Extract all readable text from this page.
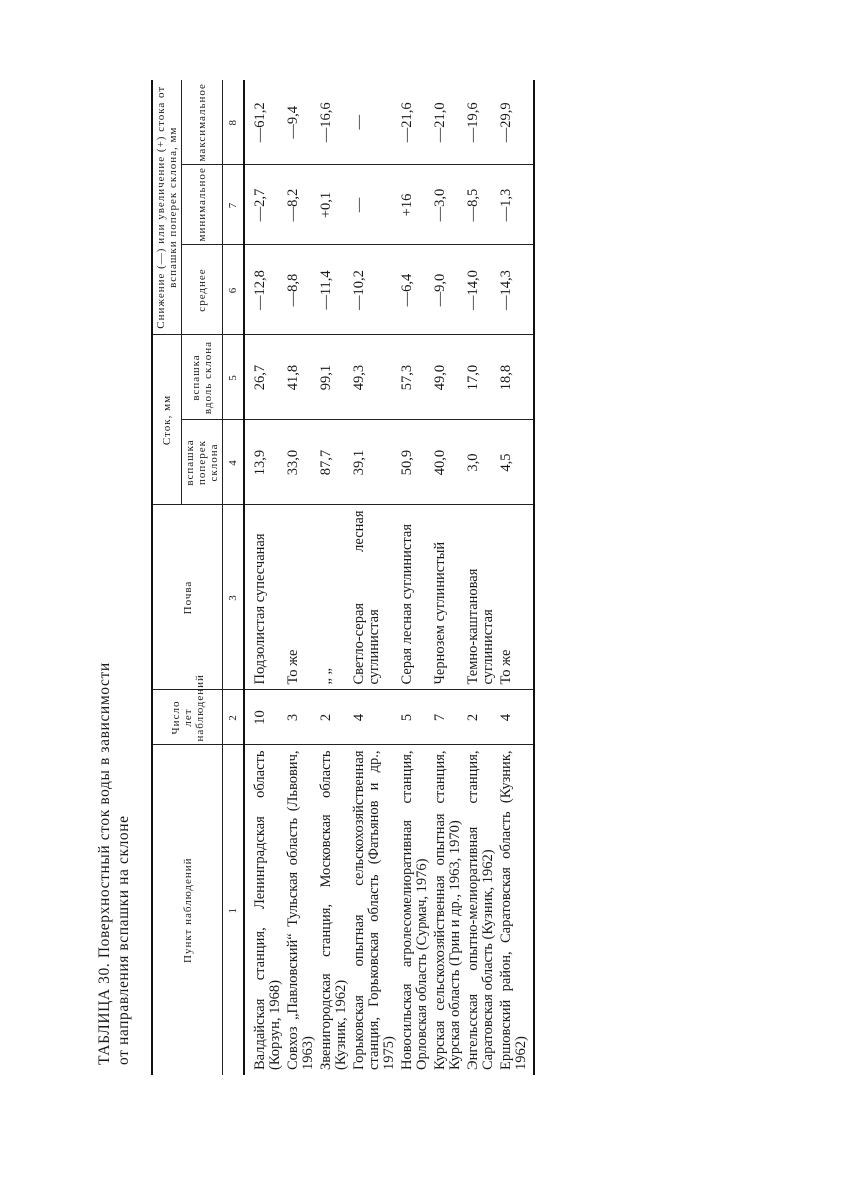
ТАБЛИЦА 30. Поверхностный сток воды в зависимости от направления вспашки на склоне	Пункт наблюдений	Число лет наблюдений	Почва	Сток, мм		Снижение (—) или увеличение (+) стока от вспашки поперек склона, мм		
			вспашка поперек склона	вспашка вдоль склона	среднее	минимальное	максимальное
1	2	3	4	5	6	7	8
Валдайская станция, Ленинградская область (Корзун, 1968)	10	Подзолистая супесчаная	13,9	26,7	—12,8	—2,7	—61,2
Совхоз „Павловский“ Тульская область (Львович, 1963)	3	То же	33,0	41,8	—8,8	—8,2	—9,4
Звенигородская станция, Московская область (Кузник, 1962)	2	„ „	87,7	99,1	—11,4	+0,1	—16,6
Горьковская опытная сельскохозяйственная станция, Горьковская область (Фатьянов и др., 1975)	4	Светло-серая лесная суглинистая	39,1	49,3	—10,2	—	—
Новосильская агролесомелиоративная станция, Орловская область (Сурмач, 1976)	5	Серая лесная суглинистая	50,9	57,3	—6,4	+16	—21,6
Курская сельскохозяйственная опытная станция, Курская область (Грин и др., 1963, 1970)	7	Чернозем суглинистый	40,0	49,0	—9,0	—3,0	—21,0
Энгельсская опытно-мелиоративная станция, Саратовская область (Кузник, 1962)	2	Темно-каштановая суглинистая	3,0	17,0	—14,0	—8,5	—19,6
Ершовский район, Саратовская область (Кузник, 1962)	4	То же	4,5	18,8	—14,3	—1,3	—29,9
